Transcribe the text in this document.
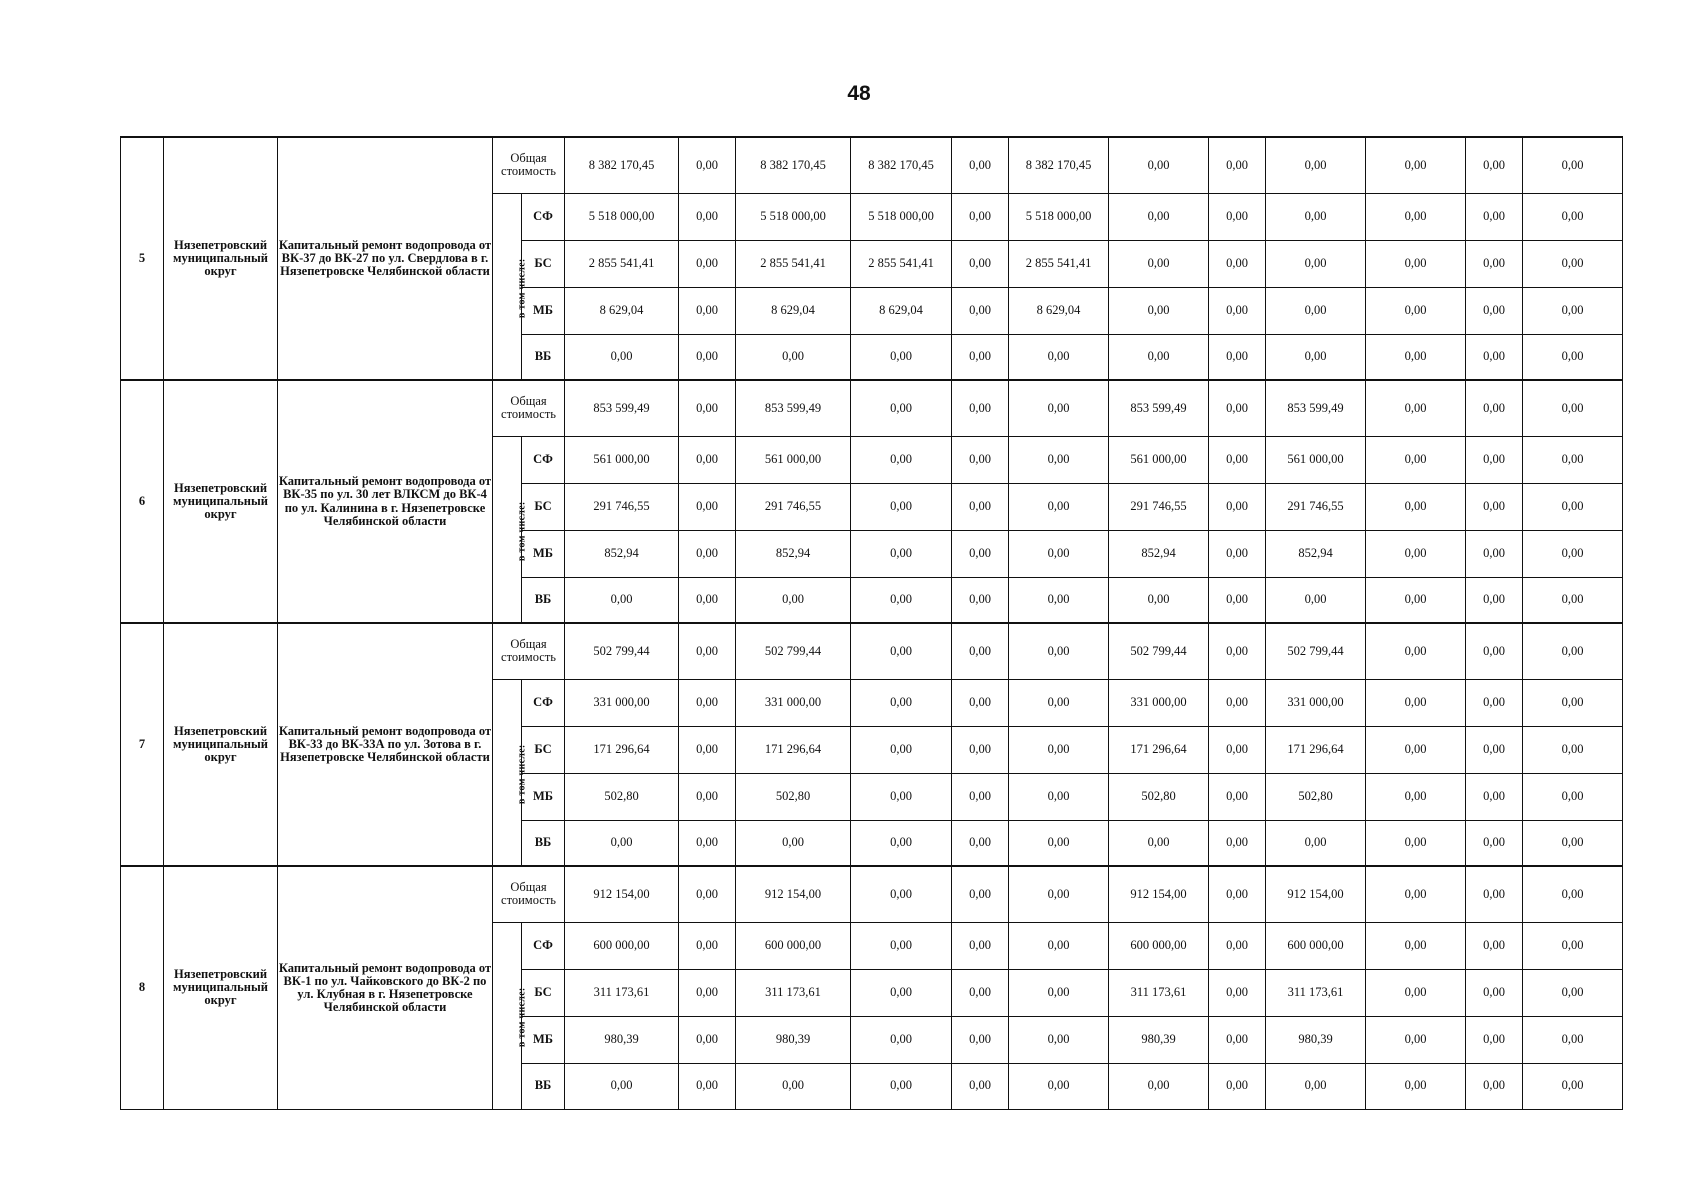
48
5	Нязепетровский муниципальный округ	Капитальный ремонт водопровода от ВК-37 до ВК-27 по ул. Свердлова в г. Нязепетровске Челябинской области	Общая стоимость		8 382 170,45	0,00	8 382 170,45	8 382 170,45	0,00	8 382 170,45	0,00	0,00	0,00	0,00	0,00	0,00
			в том числе:	СФ	5 518 000,00	0,00	5 518 000,00	5 518 000,00	0,00	5 518 000,00	0,00	0,00	0,00	0,00	0,00	0,00
				БС	2 855 541,41	0,00	2 855 541,41	2 855 541,41	0,00	2 855 541,41	0,00	0,00	0,00	0,00	0,00	0,00
				МБ	8 629,04	0,00	8 629,04	8 629,04	0,00	8 629,04	0,00	0,00	0,00	0,00	0,00	0,00
				ВБ	0,00	0,00	0,00	0,00	0,00	0,00	0,00	0,00	0,00	0,00	0,00	0,00
6	Нязепетровский муниципальный округ	Капитальный ремонт водопровода от ВК-35 по ул. 30 лет ВЛКСМ до ВК-4 по ул. Калинина в г. Нязепетровске Челябинской области	Общая стоимость		853 599,49	0,00	853 599,49	0,00	0,00	0,00	853 599,49	0,00	853 599,49	0,00	0,00	0,00
			в том числе:	СФ	561 000,00	0,00	561 000,00	0,00	0,00	0,00	561 000,00	0,00	561 000,00	0,00	0,00	0,00
				БС	291 746,55	0,00	291 746,55	0,00	0,00	0,00	291 746,55	0,00	291 746,55	0,00	0,00	0,00
				МБ	852,94	0,00	852,94	0,00	0,00	0,00	852,94	0,00	852,94	0,00	0,00	0,00
				ВБ	0,00	0,00	0,00	0,00	0,00	0,00	0,00	0,00	0,00	0,00	0,00	0,00
7	Нязепетровский муниципальный округ	Капитальный ремонт водопровода от ВК-33 до ВК-33А по ул. Зотова в г. Нязепетровске Челябинской области	Общая стоимость		502 799,44	0,00	502 799,44	0,00	0,00	0,00	502 799,44	0,00	502 799,44	0,00	0,00	0,00
			в том числе:	СФ	331 000,00	0,00	331 000,00	0,00	0,00	0,00	331 000,00	0,00	331 000,00	0,00	0,00	0,00
				БС	171 296,64	0,00	171 296,64	0,00	0,00	0,00	171 296,64	0,00	171 296,64	0,00	0,00	0,00
				МБ	502,80	0,00	502,80	0,00	0,00	0,00	502,80	0,00	502,80	0,00	0,00	0,00
				ВБ	0,00	0,00	0,00	0,00	0,00	0,00	0,00	0,00	0,00	0,00	0,00	0,00
8	Нязепетровский муниципальный округ	Капитальный ремонт водопровода от ВК-1 по ул. Чайковского до ВК-2 по ул. Клубная в г. Нязепетровске Челябинской области	Общая стоимость		912 154,00	0,00	912 154,00	0,00	0,00	0,00	912 154,00	0,00	912 154,00	0,00	0,00	0,00
			в том числе:	СФ	600 000,00	0,00	600 000,00	0,00	0,00	0,00	600 000,00	0,00	600 000,00	0,00	0,00	0,00
				БС	311 173,61	0,00	311 173,61	0,00	0,00	0,00	311 173,61	0,00	311 173,61	0,00	0,00	0,00
				МБ	980,39	0,00	980,39	0,00	0,00	0,00	980,39	0,00	980,39	0,00	0,00	0,00
				ВБ	0,00	0,00	0,00	0,00	0,00	0,00	0,00	0,00	0,00	0,00	0,00	0,00
